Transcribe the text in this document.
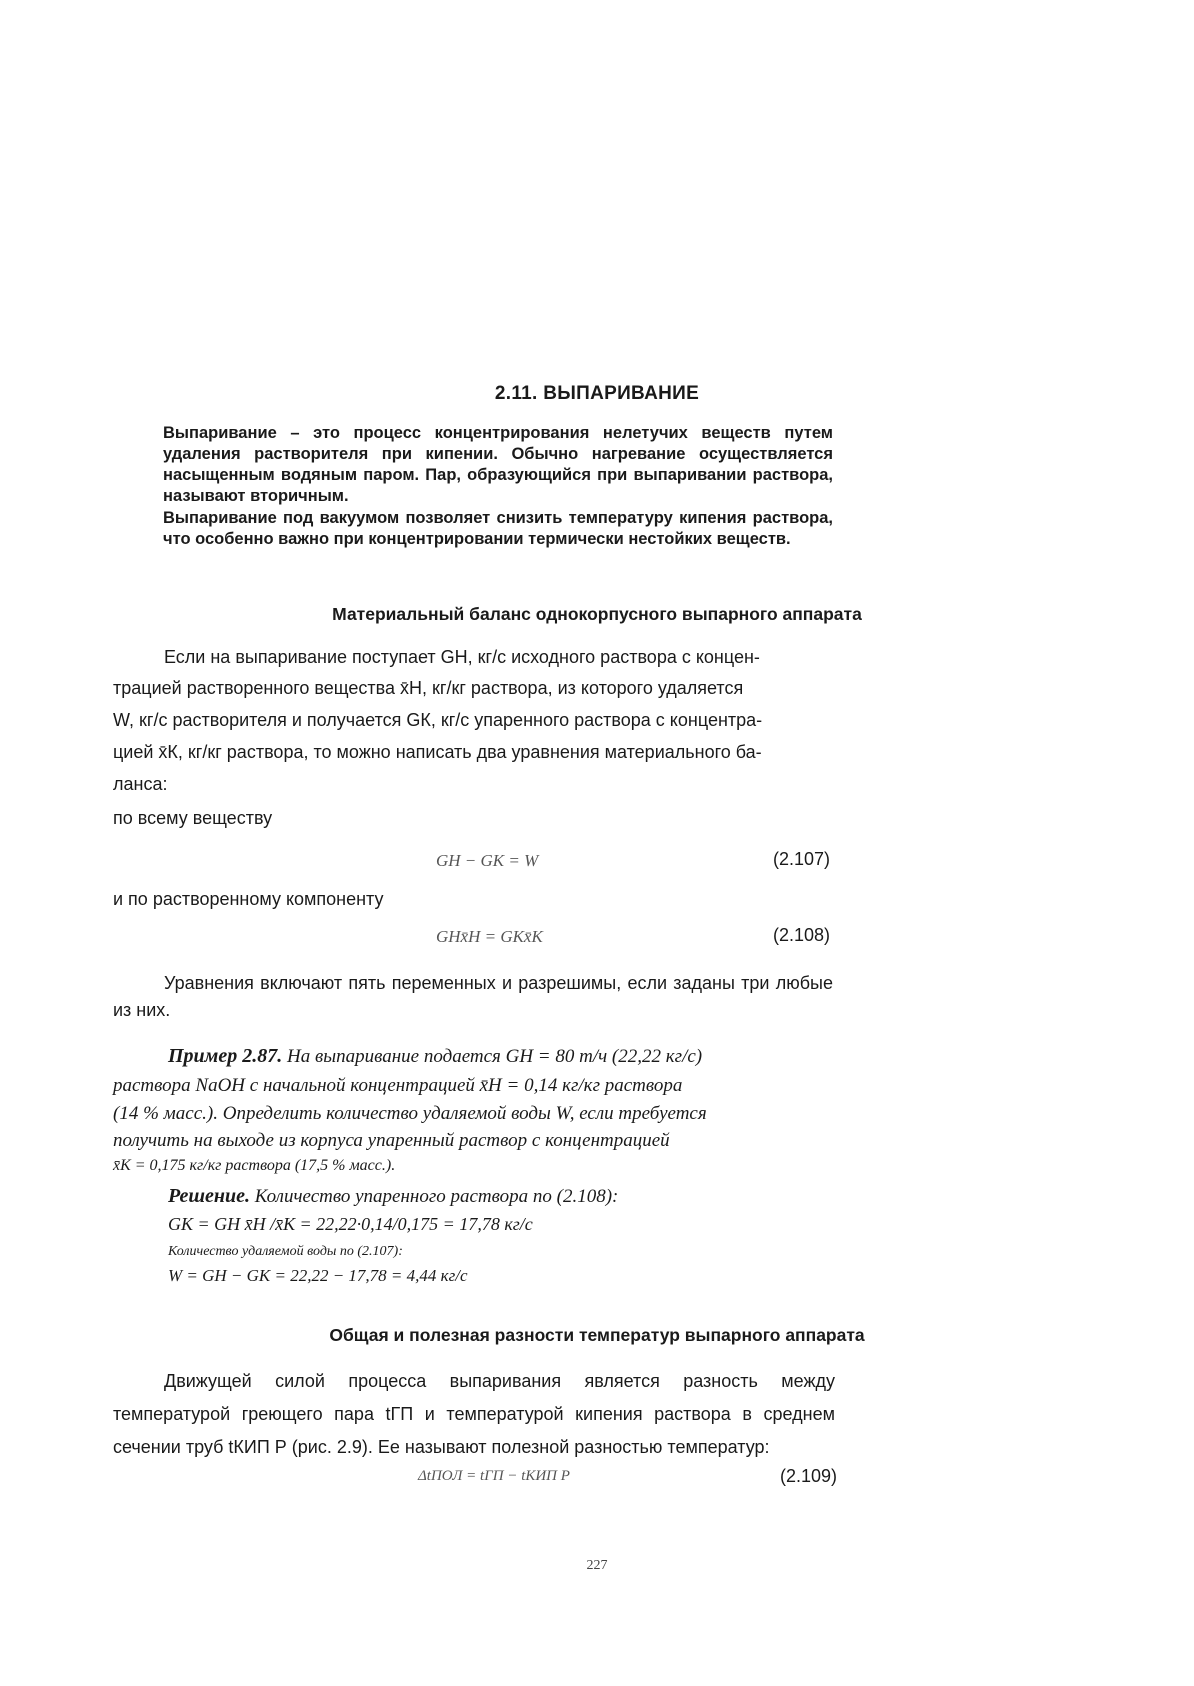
2.11. ВЫПАРИВАНИЕ

Выпаривание – это процесс концентрирования нелетучих веществ путем удаления растворителя при кипении. Обычно нагревание осуществляется насыщенным водяным паром. Пар, образующийся при выпаривании раствора, называют вторичным.

Выпаривание под вакуумом позволяет снизить температуру кипения раствора, что особенно важно при концентрировании термически нестойких веществ.

Материальный баланс однокорпусного выпарного аппарата
Если на выпаривание поступает GН, кг/с исходного раствора с концен-
трацией растворенного вещества x̄Н, кг/кг раствора, из которого удаляется
W, кг/с растворителя и получается GК, кг/с упаренного раствора с концентра-
цией x̄К, кг/кг раствора, то можно написать два уравнения материального ба-
ланса:
по всему веществу
GН − GК = W	(2.107)
и по растворенному компоненту
GНx̄Н = GКx̄К	(2.108)

Уравнения включают пять переменных и разрешимы, если заданы три любые из них.

Пример 2.87. На выпаривание подается GН = 80 т/ч (22,22 кг/с)
раствора NaOH с начальной концентрацией x̄Н = 0,14 кг/кг раствора
(14 % масс.). Определить количество удаляемой воды W, если требуется
получить на выходе из корпуса упаренный раствор с концентрацией
x̄К = 0,175 кг/кг раствора (17,5 % масс.).
Решение. Количество упаренного раствора по (2.108):
GК = GН x̄Н /x̄К = 22,22·0,14/0,175 = 17,78 кг/с
Количество удаляемой воды по (2.107):
W = GН − GК = 22,22 − 17,78 = 4,44 кг/с
Общая и полезная разности температур выпарного аппарата

Движущей силой процесса выпаривания является разность между температурой греющего пара tГП и температурой кипения раствора в среднем сечении труб tКИП Р (рис. 2.9). Ее называют полезной разностью температур:

ΔtПОЛ = tГП − tКИП Р	(2.109)
227
